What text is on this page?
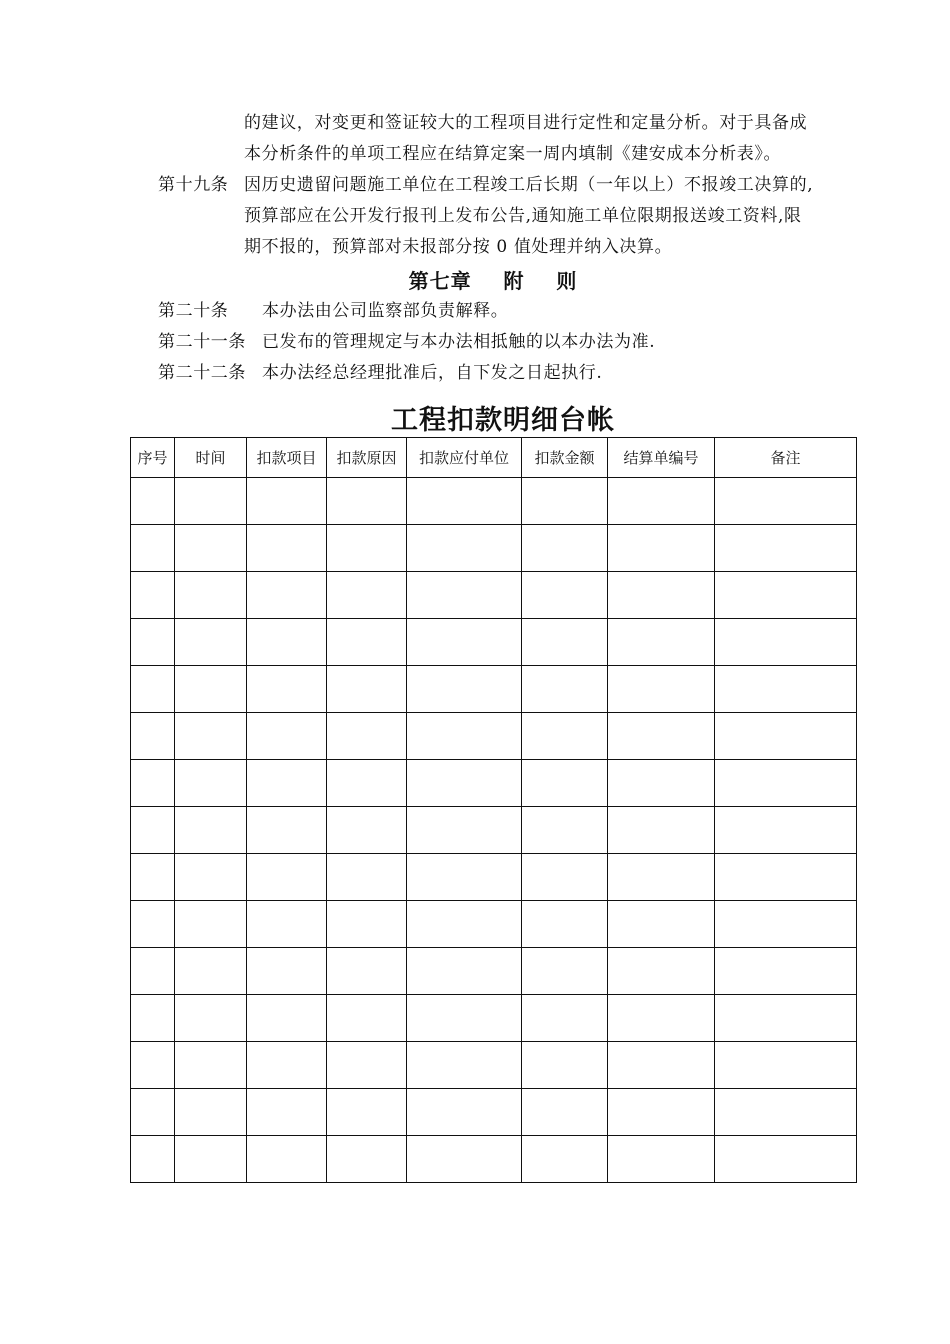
的建议，对变更和签证较大的工程项目进行定性和定量分析。对于具备成
本分析条件的单项工程应在结算定案一周内填制《建安成本分析表》。
第十九条 因历史遗留问题施工单位在工程竣工后长期（一年以上）不报竣工决算的,
预算部应在公开发行报刊上发布公告,通知施工单位限期报送竣工资料,限
期不报的，预算部对未报部分按 0 值处理并纳入决算。
第七章    附    则
第二十条 本办法由公司监察部负责解释。
第二十一条 已发布的管理规定与本办法相抵触的以本办法为准.
第二十二条 本办法经总经理批准后，自下发之日起执行.
工程扣款明细台帐
序号	时间	扣款项目	扣款原因	扣款应付单位	扣款金额	结算单编号	备注
